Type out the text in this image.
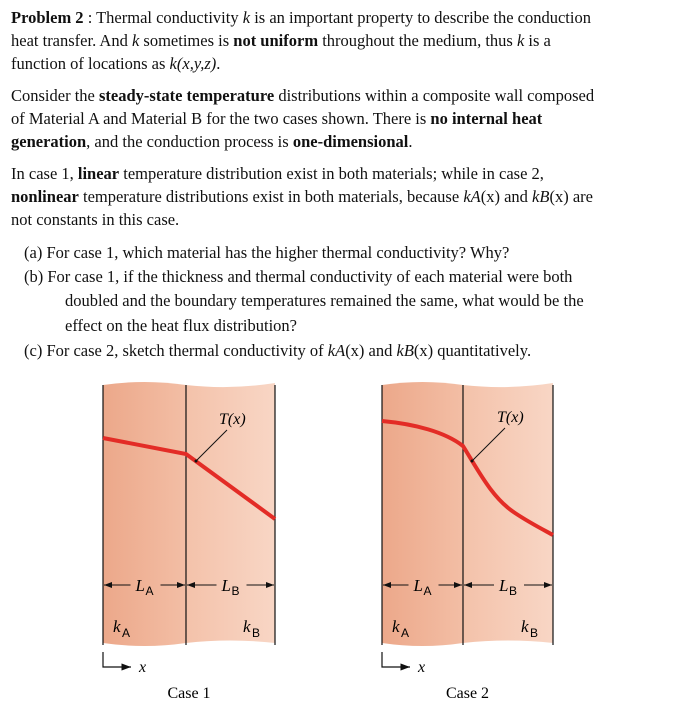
Problem 2 : Thermal conductivity k is an important property to describe the conduction
heat transfer. And k sometimes is not uniform throughout the medium, thus k is a
function of locations as k(x,y,z).
Consider the steady-state temperature distributions within a composite wall composed
of Material A and Material B for the two cases shown. There is no internal heat
generation, and the conduction process is one-dimensional.
In case 1, linear temperature distribution exist in both materials; while in case 2,
nonlinear temperature distributions exist in both materials, because kA(x) and kB(x) are
not constants in this case.
(a) For case 1, which material has the higher thermal conductivity? Why?
(b) For case 1, if the thickness and thermal conductivity of each material were both
doubled and the boundary temperatures remained the same, what would be the
effect on the heat flux distribution?
(c) For case 2, sketch thermal conductivity of kA(x) and kB(x) quantitatively.
T(x)
L A	L B
k A	k B
x
Case 1
T(x)
L A	L B
k A	k B
x
Case 2
